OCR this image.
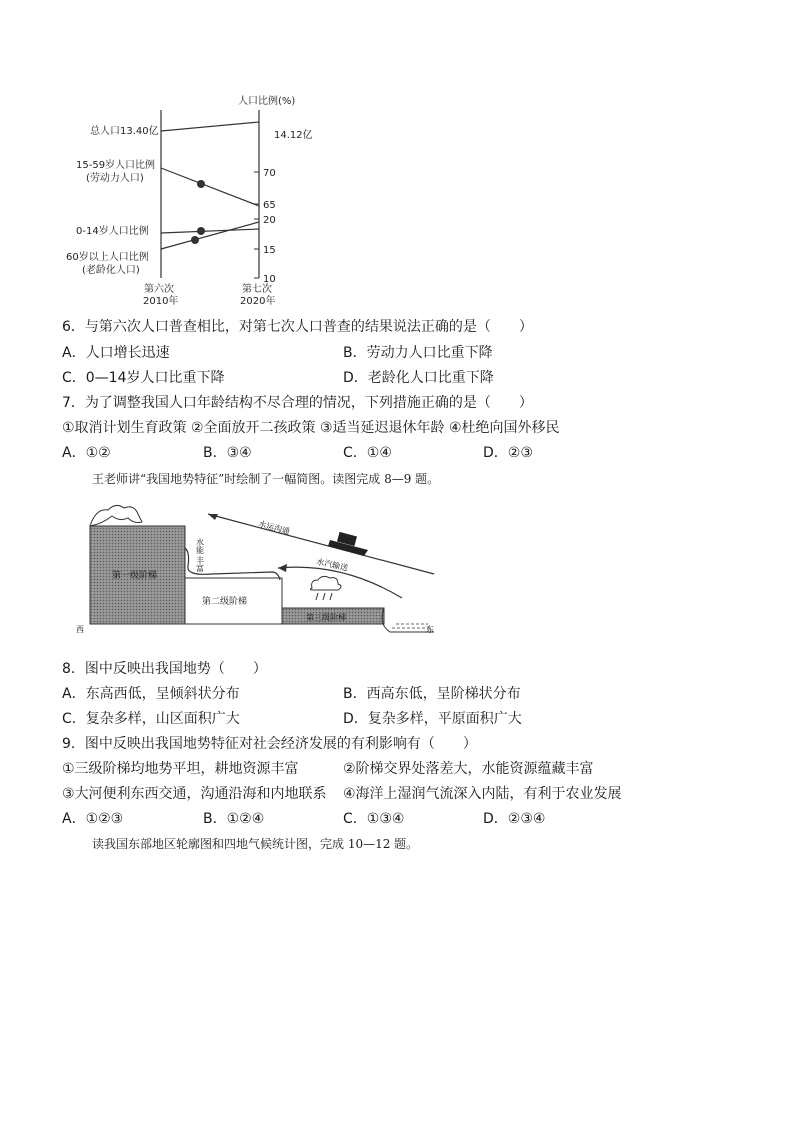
人口比例(%)
总人口13.40亿	14.12亿
15-59岁人口比例
(劳动力人口)
0-14岁人口比例
60岁以上人口比例
(老龄化人口)
70
65
20
15
10
第六次
2010年
第七次
2020年
6．与第六次人口普查相比，对第七次人口普查的结果说法正确的是（　　）
A．人口增长迅速	B．劳动力人口比重下降
C．0—14岁人口比重下降	D．老龄化人口比重下降
7．为了调整我国人口年龄结构不尽合理的情况，下列措施正确的是（　　）
①取消计划生育政策 ②全面放开二孩政策 ③适当延迟退休年龄 ④杜绝向国外移民
A．①②	B．③④	C．①④	D．②③
王老师讲“我国地势特征”时绘制了一幅简图。读图完成 8—9 题。
第一级阶梯
第二级阶梯
第三级阶梯
水能
丰富
水运沟通
水汽输送
西	东
8．图中反映出我国地势（　　）
A．东高西低，呈倾斜状分布	B．西高东低，呈阶梯状分布
C．复杂多样，山区面积广大	D．复杂多样，平原面积广大
9．图中反映出我国地势特征对社会经济发展的有利影响有（　　）
①三级阶梯均地势平坦，耕地资源丰富	②阶梯交界处落差大，水能资源蕴藏丰富
③大河便利东西交通，沟通沿海和内地联系 ④海洋上湿润气流深入内陆，有利于农业发展
A．①②③	B．①②④	C．①③④	D．②③④
读我国东部地区轮廓图和四地气候统计图，完成 10—12 题。
